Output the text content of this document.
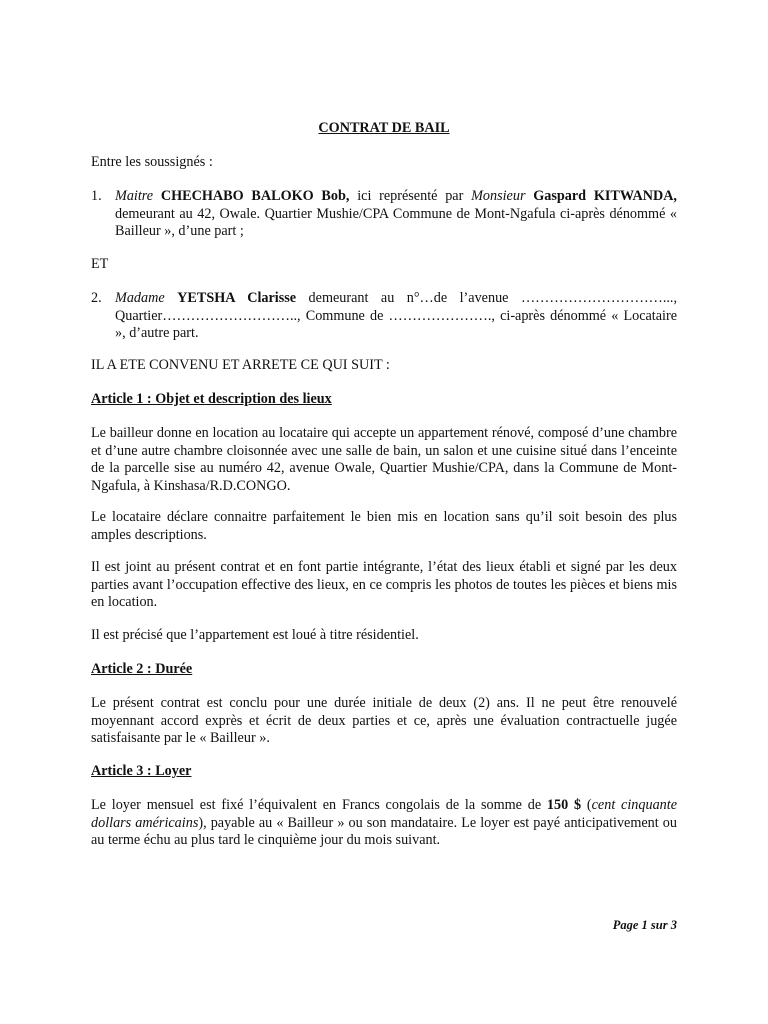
CONTRAT DE BAIL

Entre les soussignés :

1. Maitre CHECHABO BALOKO Bob, ici représenté par Monsieur Gaspard KITWANDA, demeurant au 42, Owale. Quartier Mushie/CPA Commune de Mont-Ngafula ci-après dénommé « Bailleur », d’une part ;

ET

2. Madame YETSHA Clarisse demeurant au n°…de l’avenue …………………………..., Quartier……………………….., Commune de …………………., ci-après dénommé « Locataire », d’autre part.

IL A ETE CONVENU ET ARRETE CE QUI SUIT :

Article 1 : Objet et description des lieux

Le bailleur donne en location au locataire qui accepte un appartement rénové, composé d’une chambre et d’une autre chambre cloisonnée avec une salle de bain, un salon et une cuisine situé dans l’enceinte de la parcelle sise au numéro 42, avenue Owale, Quartier Mushie/CPA, dans la Commune de Mont-Ngafula, à Kinshasa/R.D.CONGO.

Le locataire déclare connaitre parfaitement le bien mis en location sans qu’il soit besoin des plus amples descriptions.

Il est joint au présent contrat et en font partie intégrante, l’état des lieux établi et signé par les deux parties avant l’occupation effective des lieux, en ce compris les photos de toutes les pièces et biens mis en location.

Il est précisé que l’appartement est loué à titre résidentiel.

Article 2 : Durée

Le présent contrat est conclu pour une durée initiale de deux (2) ans. Il ne peut être renouvelé moyennant accord exprès et écrit de deux parties et ce, après une évaluation contractuelle jugée satisfaisante par le « Bailleur ».

Article 3 : Loyer

Le loyer mensuel est fixé l’équivalent en Francs congolais de la somme de 150 $ (cent cinquante dollars américains), payable au « Bailleur » ou son mandataire. Le loyer est payé anticipativement ou au terme échu au plus tard le cinquième jour du mois suivant.

Page 1 sur 3
